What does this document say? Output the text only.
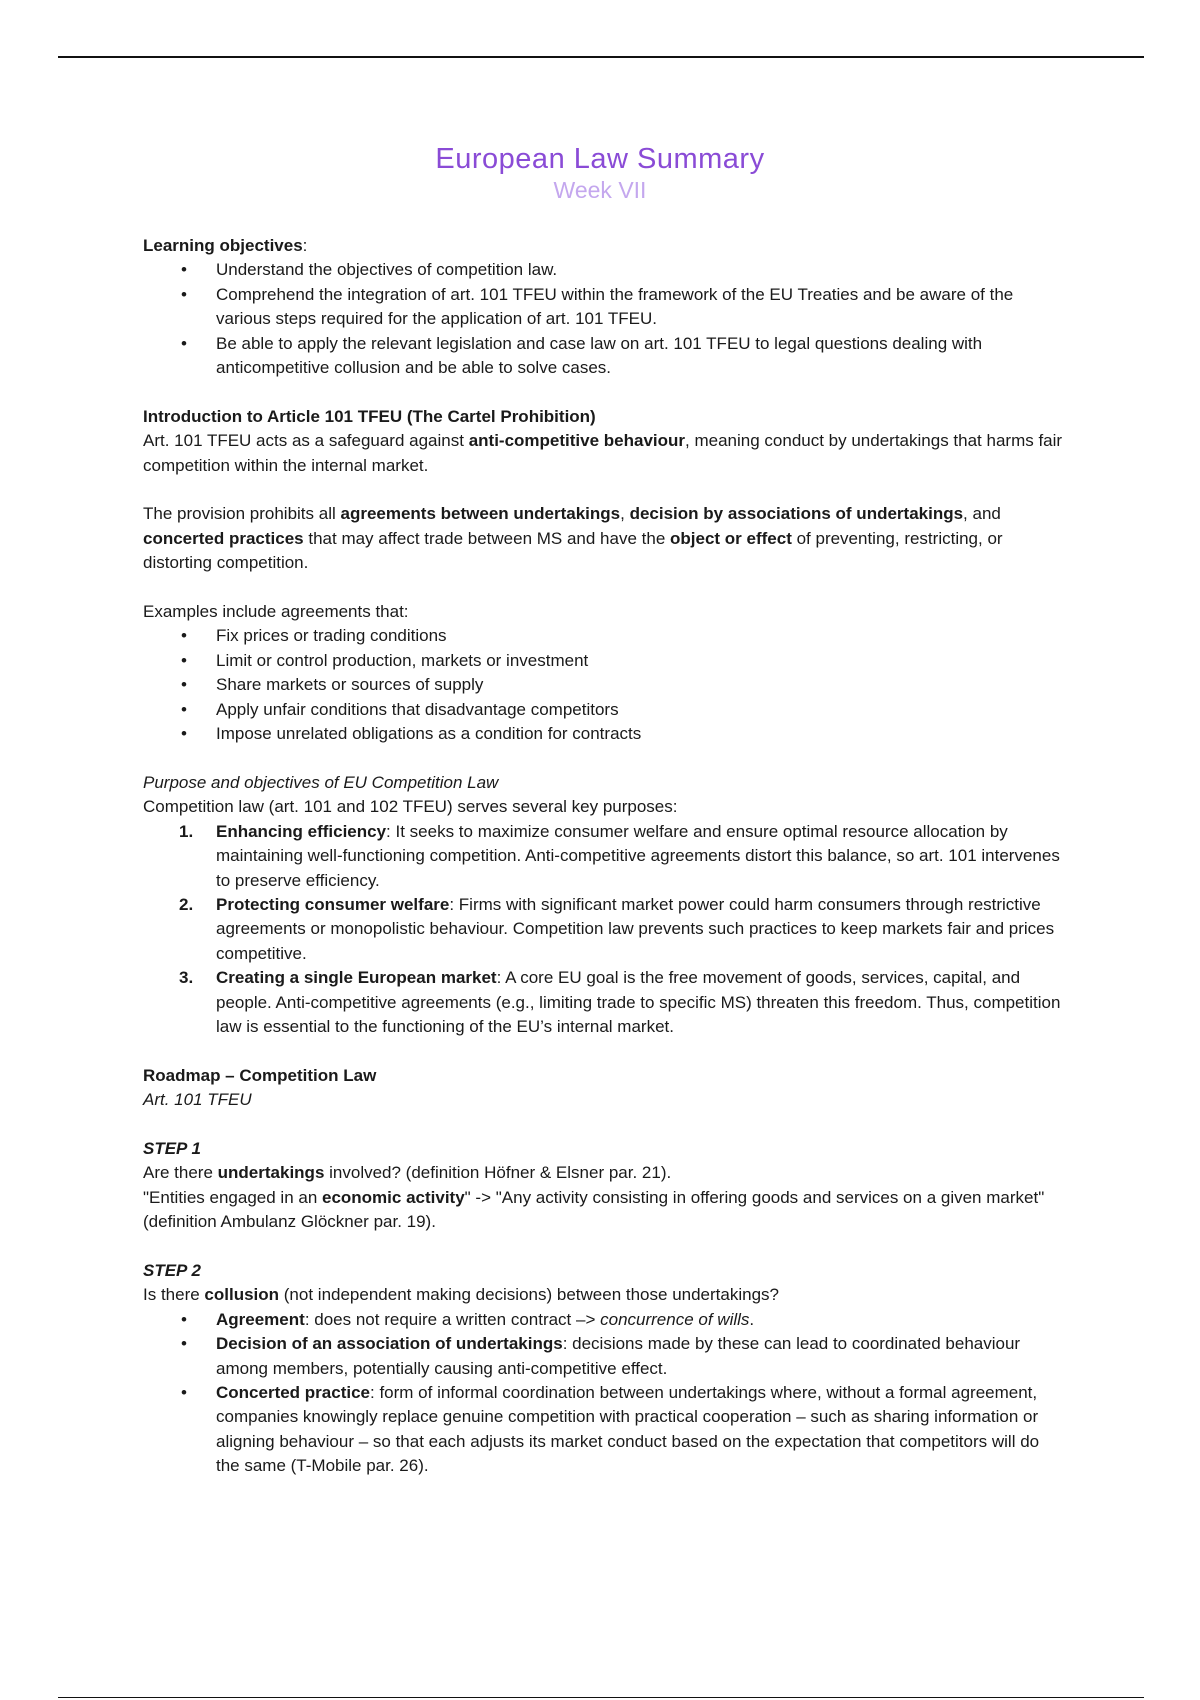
European Law Summary
Week VII

Learning objectives:

• Understand the objectives of competition law.
• Comprehend the integration of art. 101 TFEU within the framework of the EU Treaties and be aware of the various steps required for the application of art. 101 TFEU.
• Be able to apply the relevant legislation and case law on art. 101 TFEU to legal questions dealing with anticompetitive collusion and be able to solve cases.

Introduction to Article 101 TFEU (The Cartel Prohibition)

Art. 101 TFEU acts as a safeguard against anti-competitive behaviour, meaning conduct by undertakings that harms fair competition within the internal market.

The provision prohibits all agreements between undertakings, decision by associations of undertakings, and concerted practices that may affect trade between MS and have the object or effect of preventing, restricting, or distorting competition.

Examples include agreements that:

• Fix prices or trading conditions
• Limit or control production, markets or investment
• Share markets or sources of supply
• Apply unfair conditions that disadvantage competitors
• Impose unrelated obligations as a condition for contracts

Purpose and objectives of EU Competition Law

Competition law (art. 101 and 102 TFEU) serves several key purposes:

1. Enhancing efficiency: It seeks to maximize consumer welfare and ensure optimal resource allocation by maintaining well-functioning competition. Anti-competitive agreements distort this balance, so art. 101 intervenes to preserve efficiency.
2. Protecting consumer welfare: Firms with significant market power could harm consumers through restrictive agreements or monopolistic behaviour. Competition law prevents such practices to keep markets fair and prices competitive.
3. Creating a single European market: A core EU goal is the free movement of goods, services, capital, and people. Anti-competitive agreements (e.g., limiting trade to specific MS) threaten this freedom. Thus, competition law is essential to the functioning of the EU’s internal market.

Roadmap – Competition Law

Art. 101 TFEU

STEP 1

Are there undertakings involved? (definition Höfner & Elsner par. 21).

"Entities engaged in an economic activity" -> "Any activity consisting in offering goods and services on a given market" (definition Ambulanz Glöckner par. 19).

STEP 2

Is there collusion (not independent making decisions) between those undertakings?

• Agreement: does not require a written contract –> concurrence of wills.
• Decision of an association of undertakings: decisions made by these can lead to coordinated behaviour among members, potentially causing anti-competitive effect.
• Concerted practice: form of informal coordination between undertakings where, without a formal agreement, companies knowingly replace genuine competition with practical cooperation – such as sharing information or aligning behaviour – so that each adjusts its market conduct based on the expectation that competitors will do the same (T-Mobile par. 26).
